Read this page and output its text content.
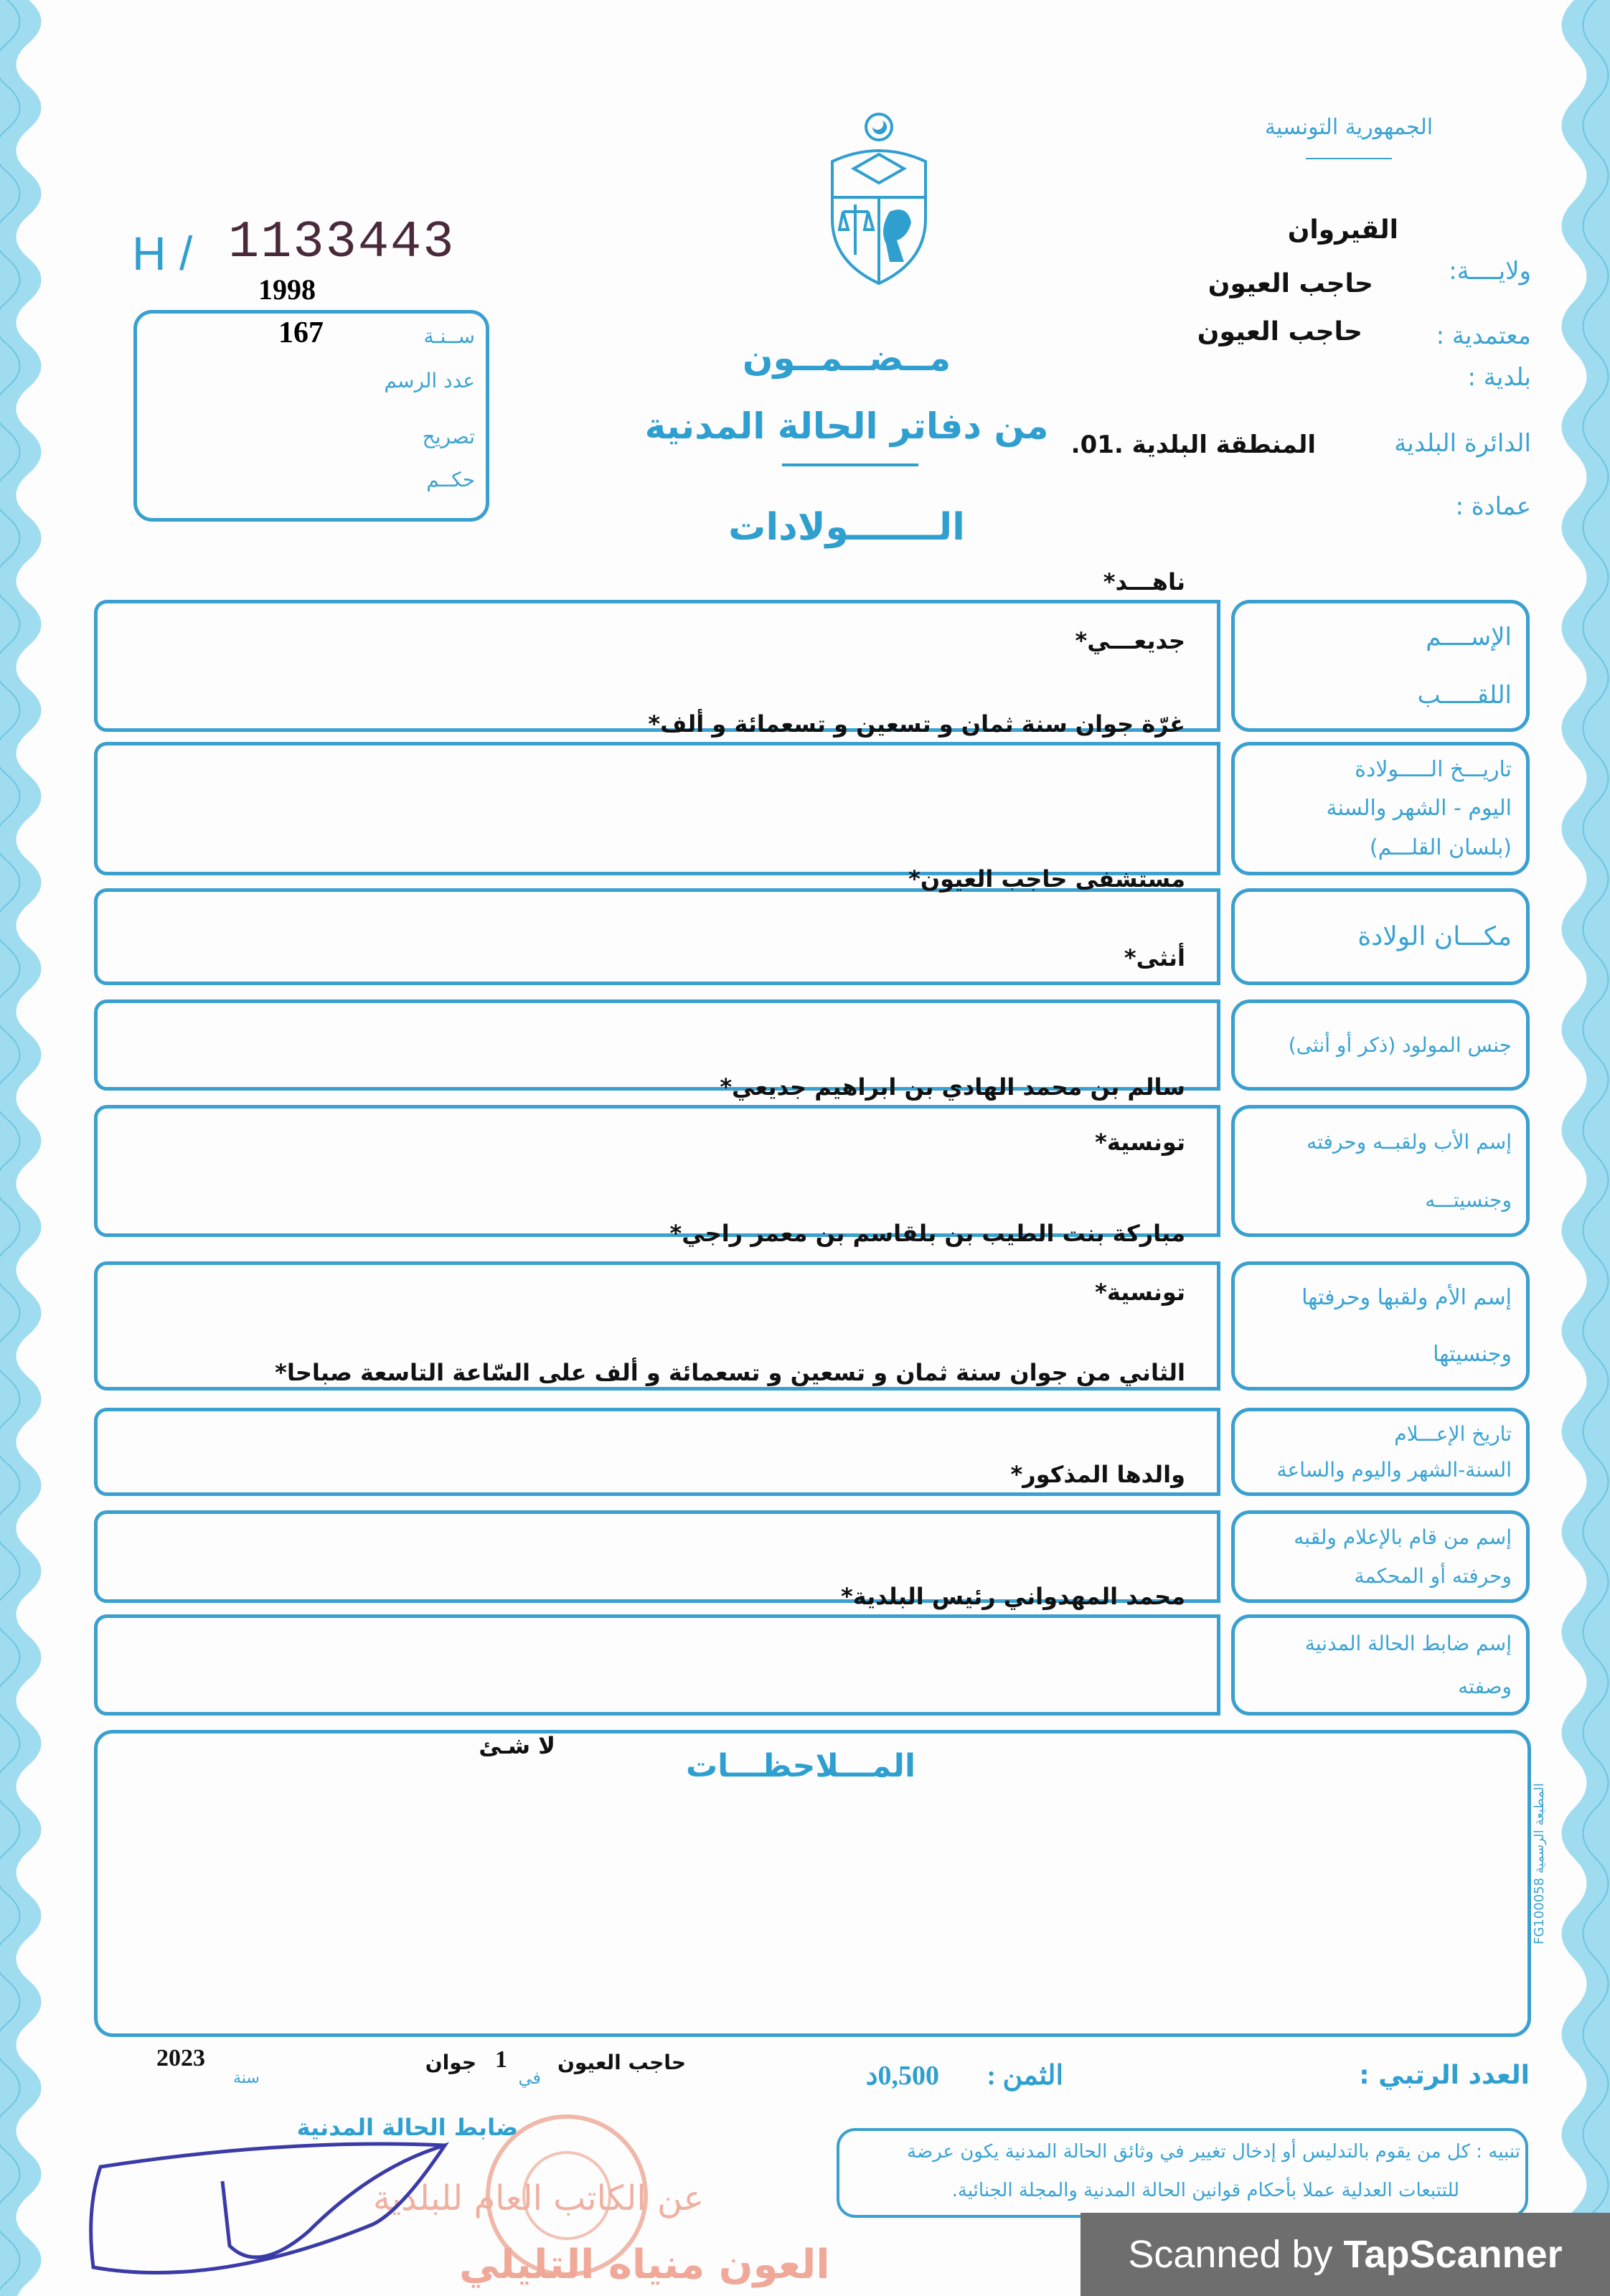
الجمهورية التونسية
القيروان
ولايــــة:
حاجب العيون
معتمدية :
حاجب العيون
بلدية :
الدائرة البلدية
المنطقة البلدية .01.
عمادة :
H / 1133443
1998
167	ســنـة
عدد الرسم
تصريح
حكــم
مــضــمــون
من دفاتر الحالة المدنية
الـــــــولادات
الإســــم
اللقـــــب
تاريـــخ الـــــولادة
اليوم - الشهر والسنة
(بلسان القلـــم)
مكـــان الولادة
جنس المولود (ذكر أو أنثى)
إسم الأب ولقبــه وحرفته
وجنسيتـــه
إسم الأم ولقبها وحرفتها
وجنسيتها
تاريخ الإعـــلام
السنة-الشهر واليوم والساعة
إسم من قام بالإعلام ولقبه
وحرفته أو المحكمة
إسم ضابط الحالة المدنية
وصفته
ناهـــد*
جديعـــي*
غرّة جوان سنة ثمان و تسعين و تسعمائة و ألف*
مستشفى حاجب العيون*
أنثى*
سالم بن محمد الهادي بن ابراهيم جديعي*
تونسية*
مباركة بنت الطيب بن بلقاسم بن معمر راجي*
تونسية*
الثاني من جوان سنة ثمان و تسعين و تسعمائة و ألف على السّاعة التاسعة صباحا*
والدها المذكور*
محمد المهدواني رئيس البلدية*
المـــلاحظـــات
لا شـئ
المطبعة الرسمية FG100058
العدد الرتبي :
الثمن :
0,500د
حاجب العيون
في
1
جوان
2023
سنة
عن الكاتب العام للبلدية
العون منياه التليلي
ضابط الحالة المدنية
تنبيه : كل من يقوم بالتدليس أو إدخال تغيير في وثائق الحالة المدنية يكون عرضة
للتتبعات العدلية عملا بأحكام قوانين الحالة المدنية والمجلة الجنائية.
Scanned by TapScanner
